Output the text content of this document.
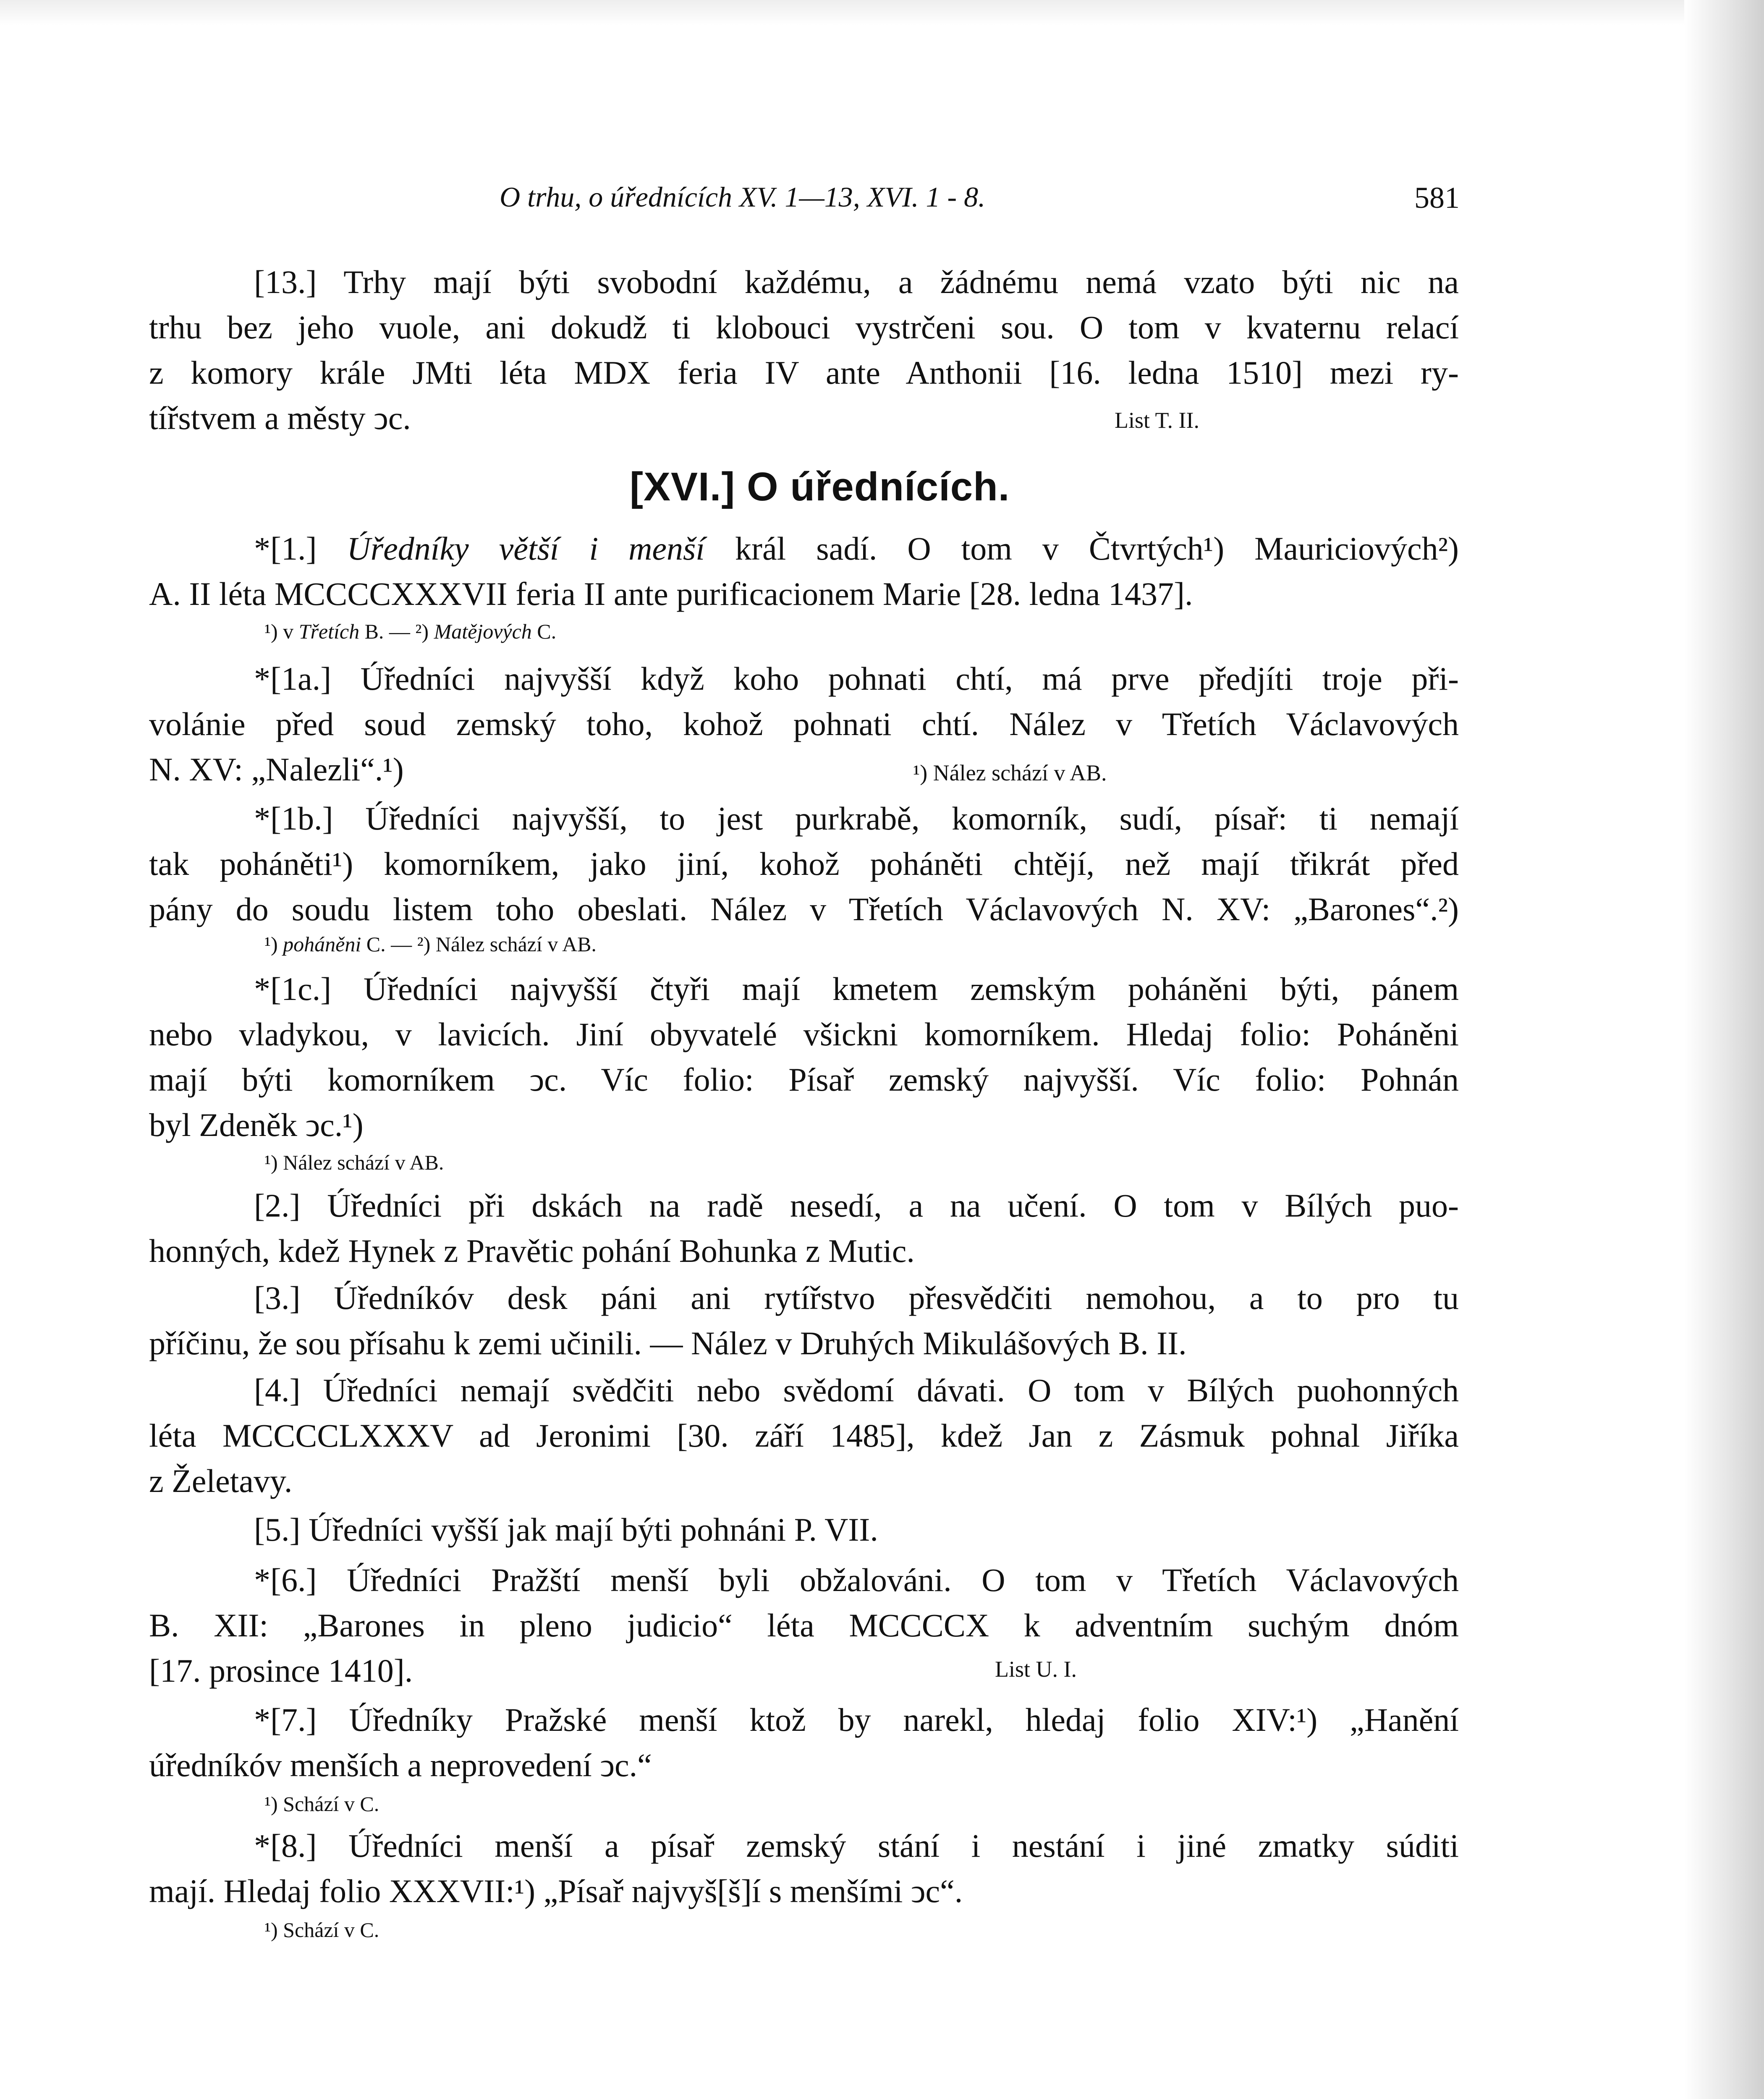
O trhu, o úřednících XV. 1—13, XVI. 1 - 8.	581
[13.] Trhy mají býti svobodní každému, a žádnému nemá vzato býti nic na
trhu bez jeho vuole, ani dokudž ti klobouci vystrčeni sou. O tom v kvaternu relací
z komory krále JMti léta MDX feria IV ante Anthonii [16. ledna 1510] mezi ry-
tířstvem a městy ͻc.	List T. II.
[XVI.] O úřednících.
*[1.] Úředníky větší i menší král sadí. O tom v Čtvrtých¹) Mauriciových²)
A. II léta MCCCCXXXVII feria II ante purificacionem Marie [28. ledna 1437].
¹) v Třetích B. — ²) Matějových C.
*[1a.] Úředníci najvyšší když koho pohnati chtí, má prve předjíti troje při-
volánie před soud zemský toho, kohož pohnati chtí. Nález v Třetích Václavových
N. XV: „Nalezli“.¹)	¹) Nález schází v AB.
*[1b.] Úředníci najvyšší, to jest purkrabě, komorník, sudí, písař: ti nemají
tak poháněti¹) komorníkem, jako jiní, kohož poháněti chtějí, než mají třikrát před
pány do soudu listem toho obeslati. Nález v Třetích Václavových N. XV: „Barones“.²)
¹) poháněni C. — ²) Nález schází v AB.
*[1c.] Úředníci najvyšší čtyři mají kmetem zemským poháněni býti, pánem
nebo vladykou, v lavicích. Jiní obyvatelé všickni komorníkem. Hledaj folio: Poháněni
mají býti komorníkem ͻc. Víc folio: Písař zemský najvyšší. Víc folio: Pohnán
byl Zdeněk ͻc.¹)
¹) Nález schází v AB.
[2.] Úředníci při dskách na radě nesedí, a na učení. O tom v Bílých puo-
honných, kdež Hynek z Pravětic pohání Bohunka z Mutic.
[3.] Úředníkóv desk páni ani rytířstvo přesvědčiti nemohou, a to pro tu
příčinu, že sou přísahu k zemi učinili. — Nález v Druhých Mikulášových B. II.
[4.] Úředníci nemají svědčiti nebo svědomí dávati. O tom v Bílých puohonných
léta MCCCCLXXXV ad Jeronimi [30. září 1485], kdež Jan z Zásmuk pohnal Jiříka
z Želetavy.
[5.] Úředníci vyšší jak mají býti pohnáni P. VII.
*[6.] Úředníci Pražští menší byli obžalováni. O tom v Třetích Václavových
B. XII: „Barones in pleno judicio“ léta MCCCCX k adventním suchým dnóm
[17. prosince 1410].	List U. I.
*[7.] Úředníky Pražské menší ktož by narekl, hledaj folio XIV:¹) „Hanění
úředníkóv menších a neprovedení ͻc.“
¹) Schází v C.
*[8.] Úředníci menší a písař zemský stání i nestání i jiné zmatky súditi
mají. Hledaj folio XXXVII:¹) „Písař najvyš[š]í s menšími ͻc“.
¹) Schází v C.
